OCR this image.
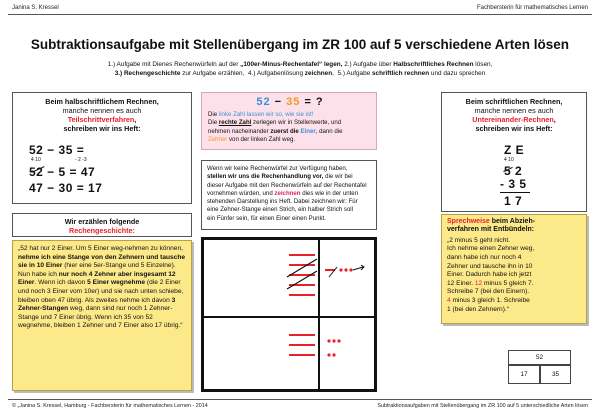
Janina S. Kressel	Fachbersterin für mathematisches Lernen
Subtraktionsaufgabe mit Stellenübergang im ZR 100 auf 5 verschiedene Arten lösen
1.) Aufgabe mit Dienes Rechenwürfeln auf der „100er-Minus-Rechentafel“ legen, 2.) Aufgabe über Halbschriftliches Rechnen lösen,
3.) Rechengeschichte zur Aufgabe erzählen, 4.) Aufgabenlösung zeichnen, 5.) Aufgabe schriftlich rechnen und dazu sprechen
Beim halbschriftlichem Rechnen,
manche nennen es auch
Teilschrittverfahren,
schreiben wir ins Heft:
52 − 35 =
4 10	- 2 -3
52 − 5 = 47
47 − 30 = 17
Wir erzählen folgende
Rechengeschichte:
„52 hat nur 2 Einer. Um 5 Einer weg-nehmen zu können, nehme ich eine Stange von den Zehnern und tausche sie in 10 Einer (hier eine 5er-Stange und 5 Einzelne). Nun habe ich nur noch 4 Zehner aber insgesamt 12 Einer. Wenn ich davon 5 Einer wegnehme (die 2 Einer und noch 3 Einer vom 10er) und sie nach unten schiebe, bleiben oben 47 übrig. Als zweites nehme ich davon 3 Zehner-Stangen weg, dann sind nur noch 1 Zehner-Stange und 7 Einer übrig. Wenn ich 35 von 52 wegnehme, bleiben 1 Zehner und 7 Einer also 17 übrig.“
52 − 35 = ?
Die linke Zahl lassen wir so, wie sie ist!
Die rechte Zahl zerlegen wir in Stellenwerte, und
nehmen nacheinander zuerst die Einer, dann die
Zehner von der linken Zahl weg.
Wenn wir keine Rechenwürfel zur Verfügung haben,
stellen wir uns die Rechenhandlung vor, die wir bei
dieser Aufgabe mit den Rechenwürfeln auf der Rechentafel
vornehmen würden, und zeichnen dies wie in der unten
stehenden Darstellung ins Heft. Dabei zeichnen wir: Für
eine Zehner-Stange einen Strich, ein halber Strich soll
ein Fünfer sein, für einen Einer einen Punkt.
Beim schriftlichen Rechnen,
manche nennen es auch
Untereinander-Rechnen,
schreiben wir ins Heft:
Z E
4 10
5 2
- 3 5
1 7
Sprechweise beim Abzieh-
verfahren mit Entbündeln:
„2 minus 5 geht nicht.
Ich nehme einen Zehner weg,
dann habe ich nur noch 4
Zehner und tausche ihn in 10
Einer. Dadurch habe ich jetzt
12 Einer. 12 minus 5 gleich 7.
Schreibe 7 (bei den Einern).
4 minus 3 gleich 1. Schreibe
1 (bei den Zehnern).“
52
17	35
© „Janina S. Kressel, Hamburg - Fachbersterin für mathematisches Lernen - 2014	Subtraktionsaufgaben mit Stellenübergang im ZR 100 auf 5 unterschiedliche Arten lösen
